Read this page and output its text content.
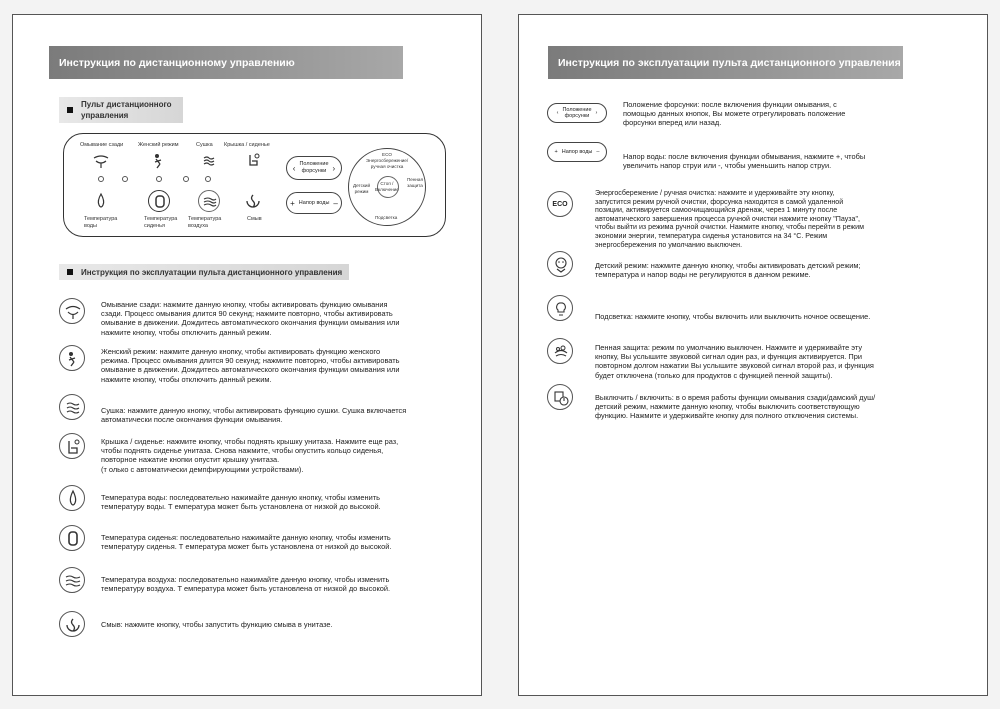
Инструкция по дистанционному управлению
Пульт дистанционного
управления
Омывание сзади	Женский режим	Сушка Крышка / сиденье
Температура
воды
Температура
сиденья
Температура
воздуха
Смыв
‹ Положение
форсунки ›
+ Напор воды –
ECO
Энергосбережение/
ручная очистка
Детский
режим
Пенная
защита
Стоп /
Включение
Подсветка
Инструкция по эксплуатации пульта дистанционного управления
Омывание сзади: нажмите данную кнопку, чтобы активировать функцию омывания
сзади. Процесс омывания длится 90 секунд; нажмите повторно, чтобы активировать
омывание в движении. Дождитесь автоматического окончания функции омывания или
нажмите кнопку, чтобы отключить данный режим.
Женский режим: нажмите данную кнопку, чтобы активировать функцию женского
режима. Процесс омывания длится 90 секунд; нажмите повторно, чтобы активировать
омывание в движении. Дождитесь автоматического окончания функции омывания или
нажмите кнопку, чтобы отключить данный режим.
Сушка: нажмите данную кнопку, чтобы активировать функцию сушки. Сушка включается
автоматически после окончания функции омывания.
Крышка / сиденье: нажмите кнопку, чтобы поднять крышку унитаза. Нажмите еще раз,
чтобы поднять сиденье унитаза. Снова нажмите, чтобы опустить кольцо сиденья,
повторное нажатие кнопки опустит крышку унитаза.
(т олько с автоматически демпфирующими устройствами).
Температура воды: последовательно нажимайте данную кнопку, чтобы изменить
температуру воды. Т емпература может быть установлена от низкой до высокой.
Температура сиденья: последовательно нажимайте данную кнопку, чтобы изменить
температуру сиденья. Т емпература может быть установлена от низкой до высокой.
Температура воздуха: последовательно нажимайте данную кнопку, чтобы изменить
температуру воздуха. Т емпература может быть установлена от низкой до высокой.
Смыв: нажмите кнопку, чтобы запустить функцию смыва в унитазе.
Инструкция по эксплуатации пульта дистанционного управления
‹
Положение
форсунки
›
Положение форсунки: после включения функции омывания, с
помощью данных кнопок, Вы можете отрегулировать положение
форсунки вперед или назад.
+ Напор воды –
Напор воды: после включения функции обмывания, нажмите +, чтобы
увеличить напор струи или -, чтобы уменьшить напор струи.
ECO
Энергосбережение / ручная очистка: нажмите и удерживайте эту кнопку,
запустится режим ручной очистки, форсунка находится в самой удаленной
позиции, активируется самоочищающийся дренаж, через 1 минуту после
автоматического завершения процесса ручной очистки нажмите кнопку "Пауза",
чтобы выйти из режима ручной очистки. Нажмите кнопку, чтобы перейти в режим
экономии энергии, температура сиденья установится на 34 °С. Режим
энергосбережения по умолчанию выключен.
Детский режим: нажмите данную кнопку, чтобы активировать детский режим;
температура и напор воды не регулируются в данном режиме.
Подсветка: нажмите кнопку, чтобы включить или выключить ночное освещение.
Пенная защита: режим по умолчанию выключен. Нажмите и удерживайте эту
кнопку, Вы услышите звуковой сигнал один раз, и функция активируется. При
повторном долгом нажатии Вы услышите звуковой сигнал второй раз, и функция
будет отключена (только для продуктов с функцией пенной защиты).
Выключить / включить: в о время работы функции омывания сзади/дамский душ/
детский режим, нажмите данную кнопку, чтобы выключить соответствующую
функцию. Нажмите и удерживайте кнопку для полного отключения системы.
